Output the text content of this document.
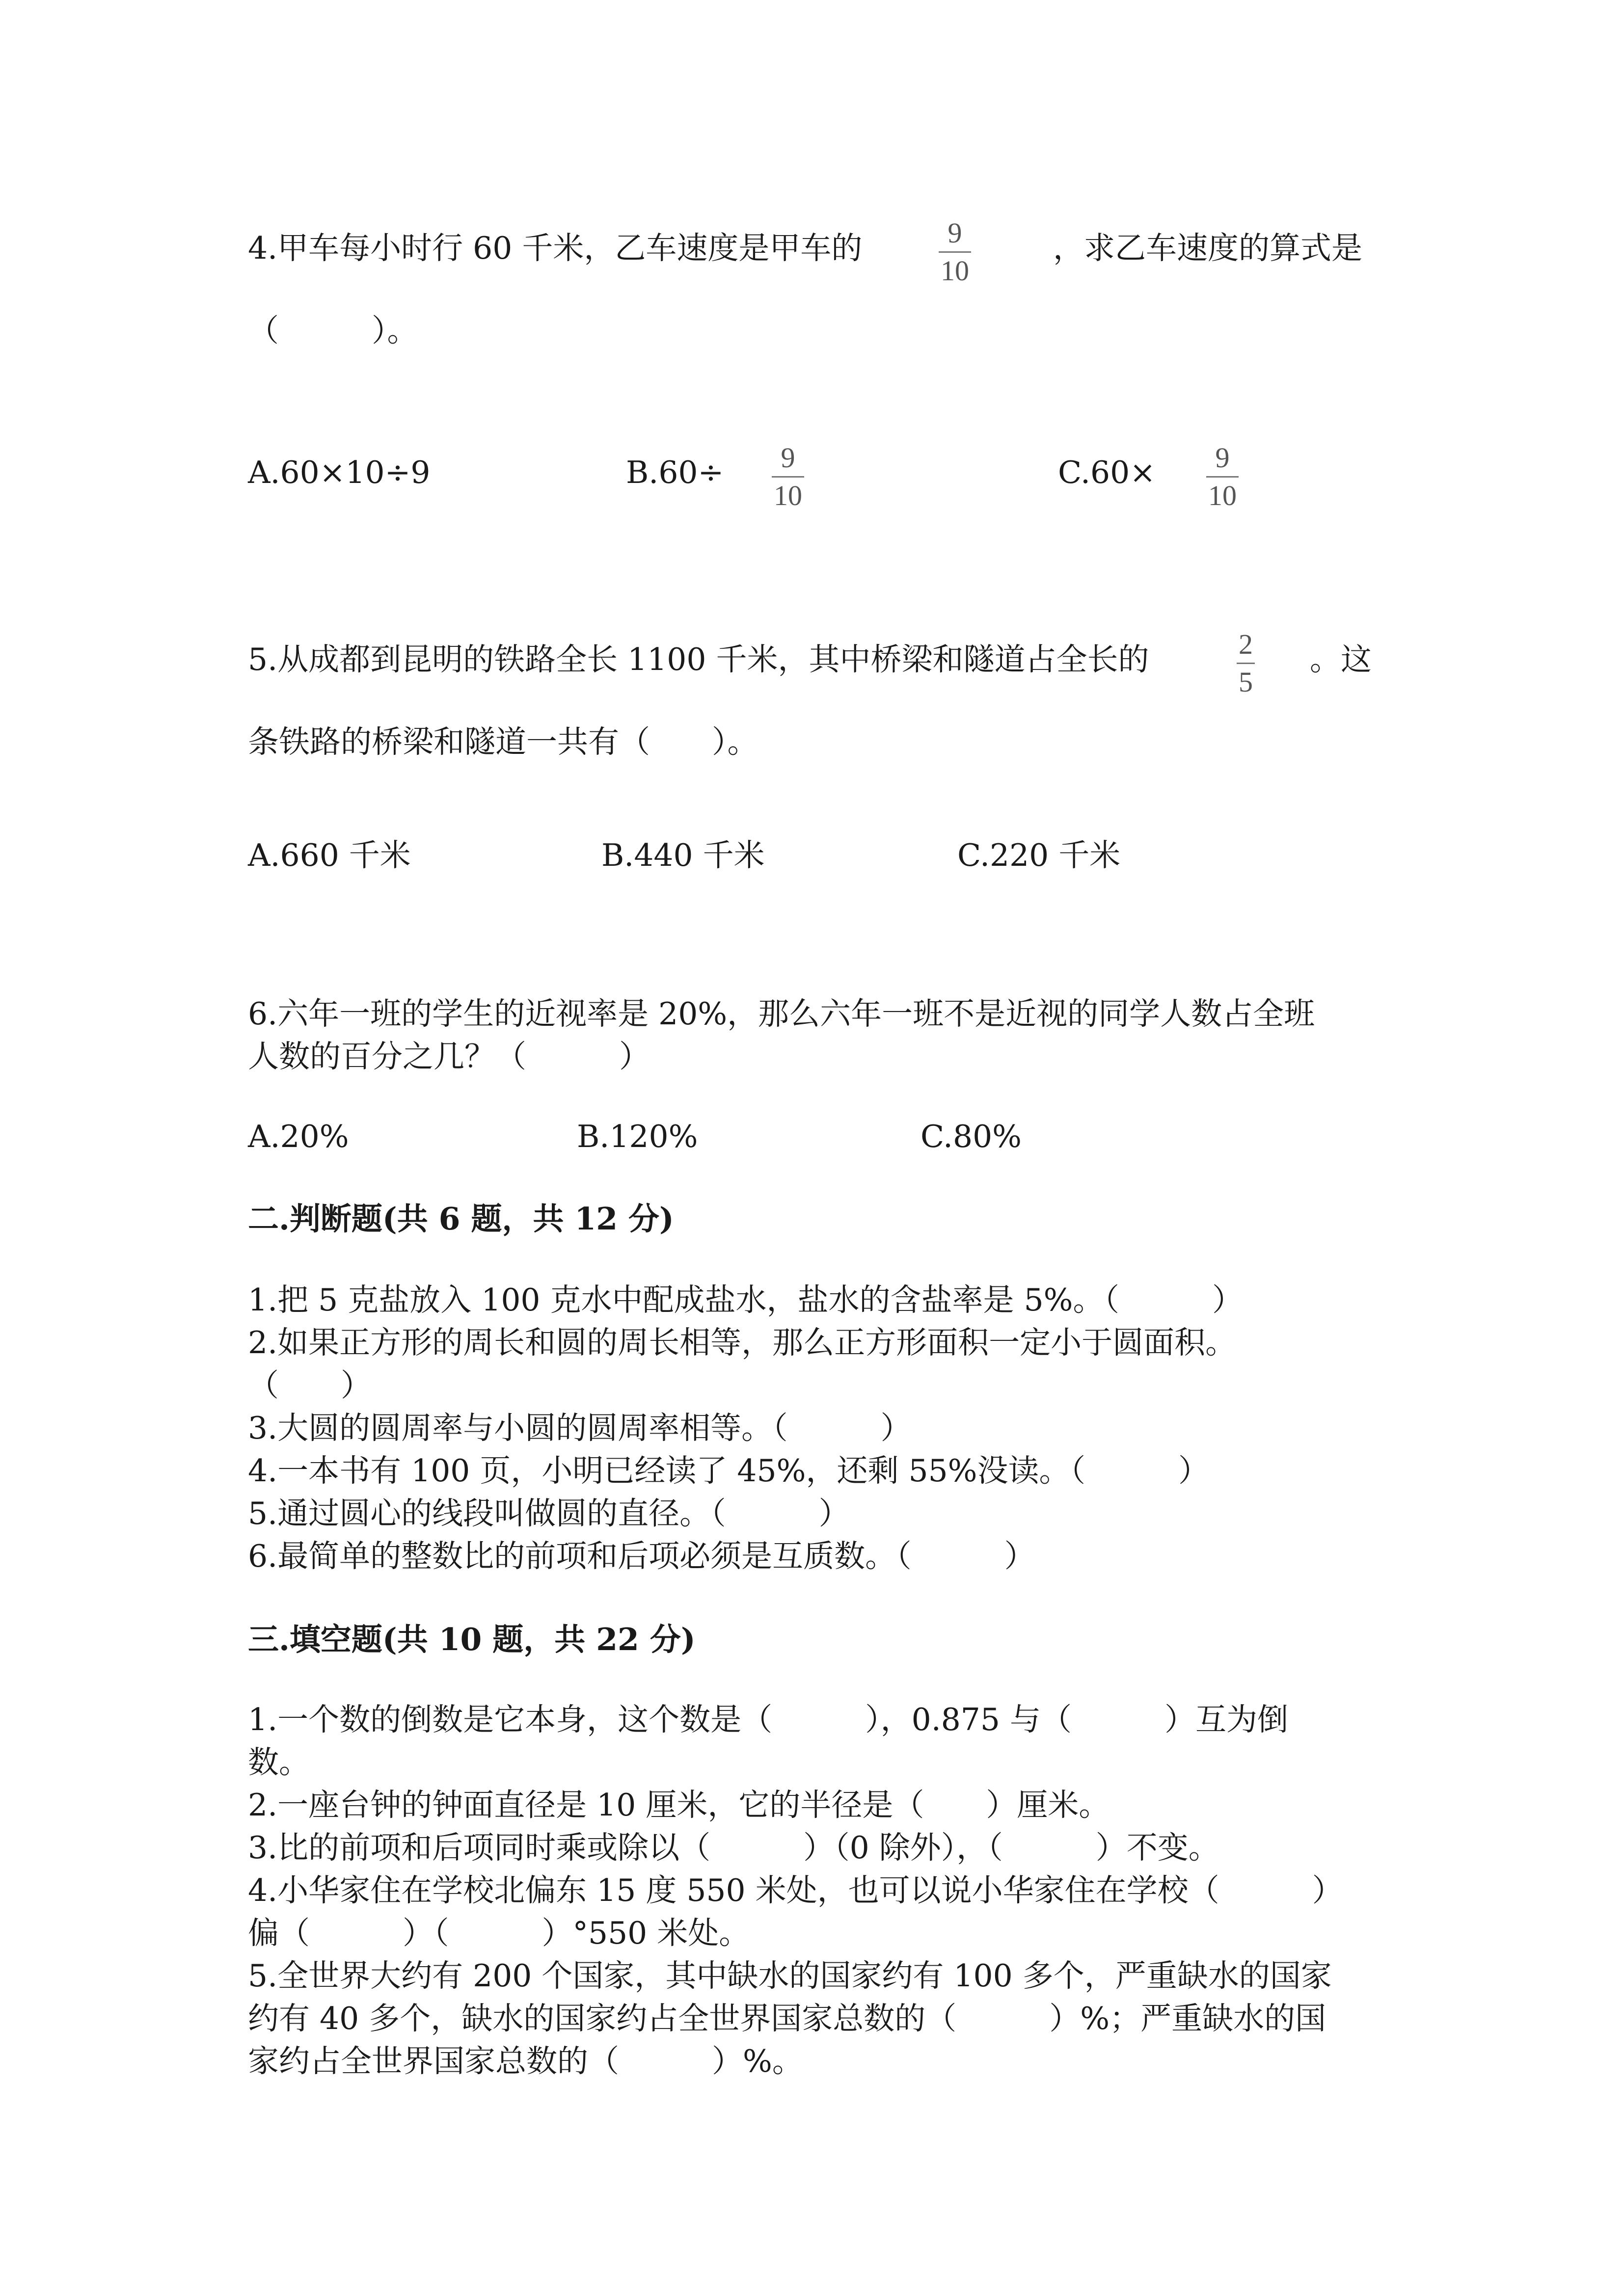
4.甲车每小时行 60 千米，乙车速度是甲车的	9
10
，求乙车速度的算式是
（　　　）。
A.60×10÷9	B.60÷ 9
10
C.60× 9
10
5.从成都到昆明的铁路全长 1100 千米，其中桥梁和隧道占全长的	2
5
。这
条铁路的桥梁和隧道一共有（　　）。
A.660 千米	B.440 千米	C.220 千米
6.六年一班的学生的近视率是 20%，那么六年一班不是近视的同学人数占全班
人数的百分之几？（　　　）
A.20%	B.120%	C.80%
二.判断题(共 6 题，共 12 分)
1.把 5 克盐放入 100 克水中配成盐水，盐水的含盐率是 5%。（　　　）
2.如果正方形的周长和圆的周长相等，那么正方形面积一定小于圆面积。
（　　）
3.大圆的圆周率与小圆的圆周率相等。（　　　）
4.一本书有 100 页，小明已经读了 45%，还剩 55%没读。（　　　）
5.通过圆心的线段叫做圆的直径。（　　　）
6.最简单的整数比的前项和后项必须是互质数。（　　　）
三.填空题(共 10 题，共 22 分)
1.一个数的倒数是它本身，这个数是（　　　），0.875 与（　　　）互为倒
数。
2.一座台钟的钟面直径是 10 厘米，它的半径是（　　）厘米。
3.比的前项和后项同时乘或除以（　　　）（0 除外），（　　　）不变。
4.小华家住在学校北偏东 15 度 550 米处，也可以说小华家住在学校（　　　）
偏（　　　）（　　　）°550 米处。
5.全世界大约有 200 个国家，其中缺水的国家约有 100 多个，严重缺水的国家
约有 40 多个，缺水的国家约占全世界国家总数的（　　　）%；严重缺水的国
家约占全世界国家总数的（　　　）%。
